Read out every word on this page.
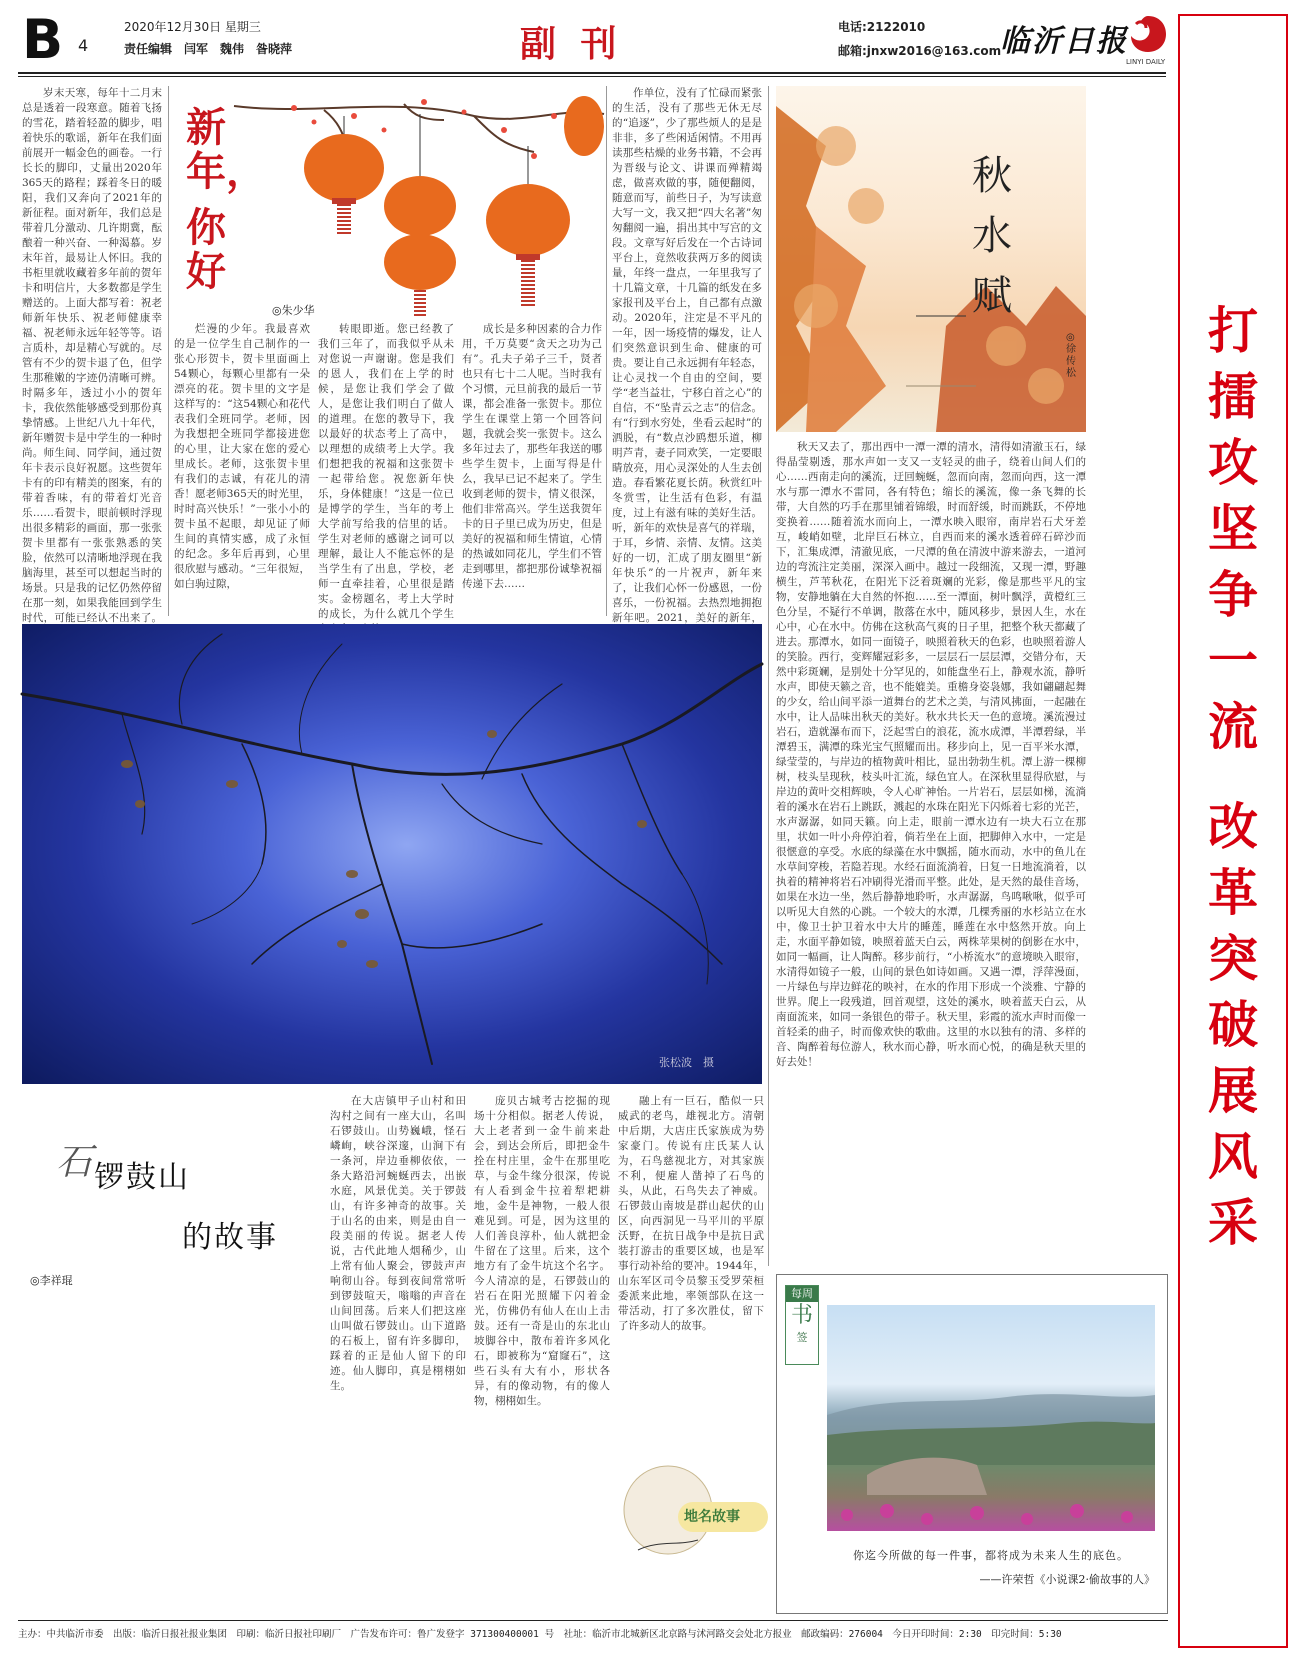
B 4
2020年12月30日 星期三
责任编辑　闫军　魏伟　昝晓萍	副 刊	电话:2122010
邮箱:jnxw2016@163.com
临沂日报
LINYI DAILY
打
擂
攻
坚
争
一
流
改
革
突
破
展
风
采

岁末天寒，每年十二月末总是透着一段寒意。随着飞扬的雪花，踏着轻盈的脚步，唱着快乐的歌谣，新年在我们面前展开一幅金色的画卷。一行长长的脚印，丈量出2020年365天的路程；踩着冬日的暖阳，我们又奔向了2021年的新征程。面对新年，我们总是带着几分激动、几许期冀，酝酿着一种兴奋、一种渴慕。岁末年首，最易让人怀旧。我的书柜里就收藏着多年前的贺年卡和明信片，大多数都是学生赠送的。上面大都写着：祝老师新年快乐、祝老师健康幸福、祝老师永远年轻等等。语言质朴，却是精心写就的。尽管有不少的贺卡退了色，但学生那稚嫩的字迹仍清晰可辨。时隔多年，透过小小的贺年卡，我依然能够感受到那份真挚情感。上世纪八九十年代，新年赠贺卡是中学生的一种时尚。师生间、同学间，通过贺年卡表示良好祝愿。这些贺年卡有的印有精美的图案，有的带着香味，有的带着灯光音乐……看贺卡，眼前顿时浮现出很多精彩的画面，那一张张贺卡里都有一张张熟悉的笑脸，依然可以清晰地浮现在我脑海里，甚至可以想起当时的场景。只是我的记忆仍然停留在那一刻，如果我能回到学生时代，可能已经认不出来了。

新年，
你好
◎朱少华

烂漫的少年。我最喜欢的是一位学生自己制作的一张心形贺卡，贺卡里面画上54颗心，每颗心里都有一朵漂亮的花。贺卡里的文字是这样写的：“这54颗心和花代表我们全班同学。老师，因为我想把全班同学都接进您的心里，让大家在您的爱心里成长。老师，这张贺卡里有我们的志诚，有花儿的清香！愿老师365天的时光里，时时高兴快乐！”一张小小的贺卡虽不起眼，却见证了师生间的真情实感，成了永恒的纪念。多年后再到，心里很欣慰与感动。“三年很短，如白驹过隙，

转眼即逝。您已经教了我们三年了，而我似乎从未对您说一声谢谢。您是我们的恩人，我们在上学的时候，是您让我们学会了做人，是您让我们明白了做人的道理。在您的教导下，我以最好的状态考上了高中，以理想的成绩考上大学。我们想把我的祝福和这张贺卡一起带给您。祝您新年快乐，身体健康！”这是一位已是博学的学生，当年的考上大学前写给我的信里的话。学生对老师的感谢之词可以理解，最让人不能忘怀的是当学生有了出息，学校，老师一直牵挂着，心里很是踏实。金榜题名，考上大学时的成长，为什么就几个学生

成长是多种因素的合力作用，千万莫要“贪天之功为己有”。孔夫子弟子三千，贤者也只有七十二人呢。当时我有个习惯，元旦前我的最后一节课，都会准备一张贺卡。那位学生在课堂上第一个回答问题，我就会奖一张贺卡。这么多年过去了，那些年我送的哪些学生贺卡，上面写得是什么，我早已记不起来了。学生收到老师的贺卡，情义很深，他们非常高兴。学生送我贺年卡的日子里已成为历史，但是美好的祝福和师生情谊，心情的热诚如同花儿，学生们不管走到哪里，都把那份诚挚祝福传递下去……

作单位，没有了忙碌而紧张的生活，没有了那些无休无尽的“追逐”，少了那些烦人的是是非非，多了些闲适闲情。不用再读那些枯燥的业务书籍，不会再为晋级与论文、讲课而殚精竭虑，做喜欢做的事，随便翻阅，随意而写，前些日子，为写读意大写一文，我又把“四大名著”匆匆翻阅一遍，捐出其中写宫的文段。文章写好后发在一个古诗词平台上，竟然收获两万多的阅读量，年终一盘点，一年里我写了十几篇文章，十几篇的纸发在多家报刊及平台上，自己都有点激动。2020年，注定是不平凡的一年，因一场疫情的爆发，让人们突然意识到生命、健康的可贵。要让自己永远拥有年轻态，让心灵找一个自由的空间，要学“老当益壮，宁移白首之心”的自信，不“坠青云之志”的信念。有“行到水穷处，坐看云起时”的洒脱，有“数点沙鸥想乐道，柳明芦青，妻子同欢笑，一定要眼睛放亮，用心灵深处的人生去创造。春看繁花夏长荫。秋赏红叶冬赏雪，让生活有色彩，有温度，过上有滋有味的美好生活。听，新年的欢快是喜气的祥瑞，于耳，乡情、亲情、友情。这美好的一切，汇成了朋友圈里“新年快乐”的一片祝声，新年来了，让我们心怀一份感恩，一份喜乐，一份祝福。去热烈地拥抱新年吧。2021，美好的新年，

张松波　摄
秋水赋
◎徐传松

秋天又去了，那出西中一潭一潭的清水，清得如清澈玉石，绿得晶莹剔透，那水声如一支又一支轻灵的曲子，绕着山间人们的心……西南走向的溪流，迂回蜿蜒，忽而向南，忽而向西，这一潭水与那一潭水不雷同，各有特色；缩长的溪流，像一条飞舞的长带，大自然的巧手在那里铺着锦缎，时而舒缓，时而跳跃，不停地变换着……随着流水而向上，一潭水映入眼帘，南岸岩石犬牙差互，峻峭如壁，北岸巨石林立，自西而来的溪水透着碎石碎沙而下，汇集成潭，清澈见底，一尺潭的鱼在清波中游来游去，一道河边的弯流注定美丽，深深入画中。越过一段细流，又现一潭，野趣横生，芦苇秋花，在阳光下泛着斑斓的光彩，像是那些平凡的宝物，安静地躺在大自然的怀抱……至一潭面，树叶飘浮，黄橙红三色分呈，不疑行不单调，散落在水中，随风移步，景因人生，水在心中，心在水中。仿佛在这秋高气爽的日子里，把整个秋天都藏了进去。那潭水，如同一面镜子，映照着秋天的色彩，也映照着游人的笑脸。西行，变辉耀冠彩多，一层层石一层层潭，交错分布，天然中彩斑斓，是别处十分罕见的，如能盘坐石上，静观水流，静听水声，即使天籁之音，也不能媲美。重檐身姿袅娜，我如翩翩起舞的少女，给山间平添一道舞台的艺术之美，与清风拂面，一起融在水中，让人品味出秋天的美好。秋水共长天一色的意境。溪流漫过岩石，造就瀑布而下，泛起雪白的浪花，流水成潭，半潭碧绿，半潭碧玉，满潭的珠光宝气照耀而出。移步向上，见一百平米水潭，绿莹莹的，与岸边的植物黄叶相比，显出勃勃生机。潭上游一棵柳树，枝头呈现秋，枝头叶汇流，绿色宜人。在深秋里显得欣慰，与岸边的黄叶交相辉映，令人心旷神怡。一片岩石，层层如梯，流淌着的溪水在岩石上跳跃，溅起的水珠在阳光下闪烁着七彩的光芒，水声潺潺，如同天籁。向上走，眼前一潭水边有一块大石立在那里，状如一叶小舟停泊着，倘若坐在上面，把脚伸入水中，一定是很惬意的享受。水底的绿藻在水中飘摇，随水而动，水中的鱼儿在水草间穿梭，若隐若现。水经石面流淌着，日复一日地流淌着，以执着的精神将岩石冲刷得光滑而平整。此处，是天然的最佳音场，如果在水边一坐，然后静静地聆听，水声潺潺，鸟鸣啾啾，似乎可以听见大自然的心跳。一个较大的水潭，几棵秀丽的水杉站立在水中，像卫士护卫着水中大片的睡莲，睡莲在水中悠然开放。向上走，水面平静如镜，映照着蓝天白云，两株苹果树的倒影在水中，如同一幅画，让人陶醉。移步前行，“小桥流水”的意境映入眼帘，水清得如镜子一般，山间的景色如诗如画。又遇一潭，浮萍漫面，一片绿色与岸边鲜花的映衬，在水的作用下形成一个淡雅、宁静的世界。爬上一段残道，回首观望，这处的溪水，映着蓝天白云，从南面流来，如同一条银色的带子。秋天里，彩霞的流水声时而像一首轻柔的曲子，时而像欢快的歌曲。这里的水以独有的清、多样的音、陶醉着每位游人，秋水而心静，听水而心悦，的确是秋天里的好去处！

每周
书
签
你迄今所做的每一件事，都将成为未来人生的底色。
——许荣哲《小说课2·偷故事的人》
石 锣鼓山
的故事
◎李祥琨

在大店镇甲子山村和田沟村之间有一座大山，名叫石锣鼓山。山势巍峨，怪石嶙峋，峡谷深邃，山涧下有一条河，岸边垂柳依依，一条大路沿河蜿蜒西去，出嵌水庭，风景优美。关于锣鼓山，有许多神奇的故事。关于山名的由来，则是由自一段美丽的传说。据老人传说，古代此地人烟稀少，山上常有仙人聚会，锣鼓声声响彻山谷。每到夜间常常听到锣鼓喧天，嗡嗡的声音在山间回荡。后来人们把这座山叫做石锣鼓山。山下道路的石板上，留有许多脚印，踩着的正是仙人留下的印迹。仙人脚印，真是栩栩如生。

庞贝古城考古挖掘的现场十分相似。据老人传说，大上老者到一金牛前来赴会，到达会所后，即把金牛拴在村庄里，金牛在那里吃草，与金牛缘分很深，传说有人看到金牛拉着犁耙耕地，金牛是神物，一般人很难见到。可是，因为这里的人们善良淳朴，仙人就把金牛留在了这里。后来，这个地方有了金牛坑这个名字。今人清凉的是，石锣鼓山的岩石在阳光照耀下闪着金光，仿佛仍有仙人在山上击鼓。还有一奇是山的东北山坡脚谷中，散布着许多风化石，即被称为“窟窿石”，这些石头有大有小，形状各异，有的像动物，有的像人物，栩栩如生。

融上有一巨石，酷似一只威武的老鸟，雄视北方。清朝中后期，大店庄氏家族成为势家豪门。传说有庄氏某人认为，石鸟慈视北方，对其家族不利，便雇人凿掉了石鸟的头，从此，石鸟失去了神威。石锣鼓山南坡是群山起伏的山区，向西洞见一马平川的平原沃野，在抗日战争中是抗日武装打游击的重要区域，也是军事行动补给的要冲。1944年，山东军区司令员黎玉受罗荣桓委派来此地，率领部队在这一带活动，打了多次胜仗，留下了许多动人的故事。

地名故事
主办：中共临沂市委　出版：临沂日报社报业集团　印刷：临沂日报社印刷厂　广告发布许可：鲁广发登字 371300400001 号　社址：临沂市北城新区北京路与沭河路交会处北方报业　邮政编码：276004　今日开印时间：2:30　印完时间：5:30
